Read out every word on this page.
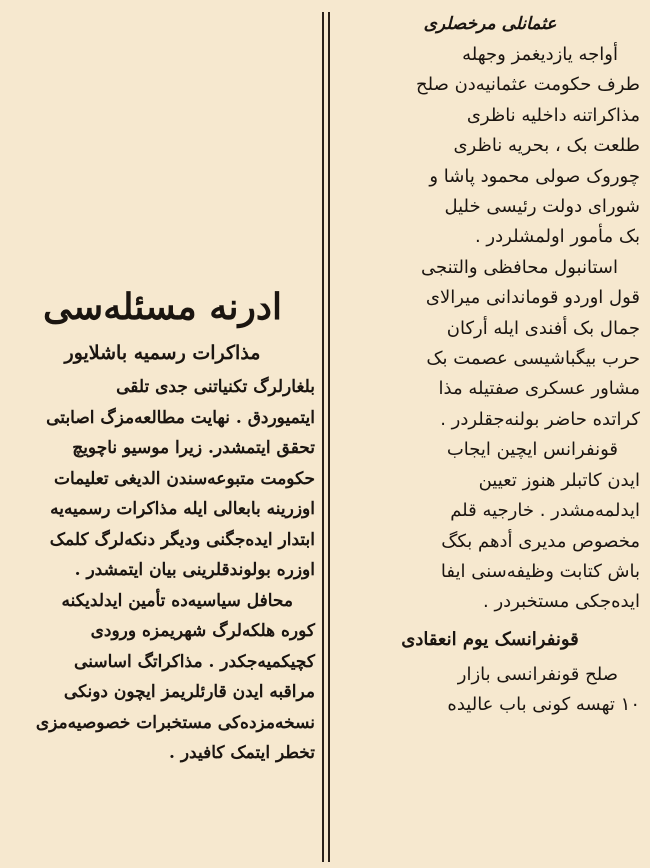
عثمانلی مرخصلری
أوا‌جه یازدیغمز وجهله
طرف حکومت عثمانیه‌دن صلح
مذاکراتنه داخلیه ناظری
طلعت بک ، بحریه ناظری
چوروک صولی محمود پاشا و
شورای دولت رئیسی خلیل
بک مأمور اولمشلردر .
استانبول محافظی والتنجی
قول اوردو قوماندانی میرالای
جمال بک أفندی ایله أرکان
حرب بیگباشیسی عصمت بک
مشاور عسکری صفتیله مذا‌
کراتده حاضر بولنه‌جقلردر .
قونفرانس ایچین ایجاب
ایدن کاتبلر هنوز تعیین
ایدلمه‌مشدر . خارجیه قلم
مخصوص مدیری أدهم بکگ
باش کتابت وظیفه‌سنی ایفا
ایده‌جکی مستخبردر .
قونفرانسک یوم انعقادی
صلح قونفرانسی بازار
۱۰ تهسه کونی باب عالیده
ادرنه مسئله‌سی
مذاکرات رسمیه باشلایور
بلغارلرگ تکنیاتنی جدی تلقی
ایتمیوردق . نهایت مطالعه‌مزگ اصابتی
تحقق ایتمشدر. زیرا موسیو ناچویچ
حکومت متبوعه‌سندن الدیغی تعلیمات
اوزرینه بابعالی ایله مذاکرات رسمیه‌یه
ابتدار ایده‌جگنی ودیگر دنکه‌لرگ کلمک
اوزره بولوندقلرینی بیان ایتمشدر .
محافل سیاسیه‌ده تأمین ایدلدیکنه
کوره هلکه‌لرگ شهریمزه ورودی
کچیکمیه‌جکدر . مذاکراتگ اساسنی
مراقبه ایدن قارئلریمز ایچون دونکی
نسخه‌مزده‌کی مستخبرات خصوصیه‌مزی
تخطر ایتمک کافیدر .
